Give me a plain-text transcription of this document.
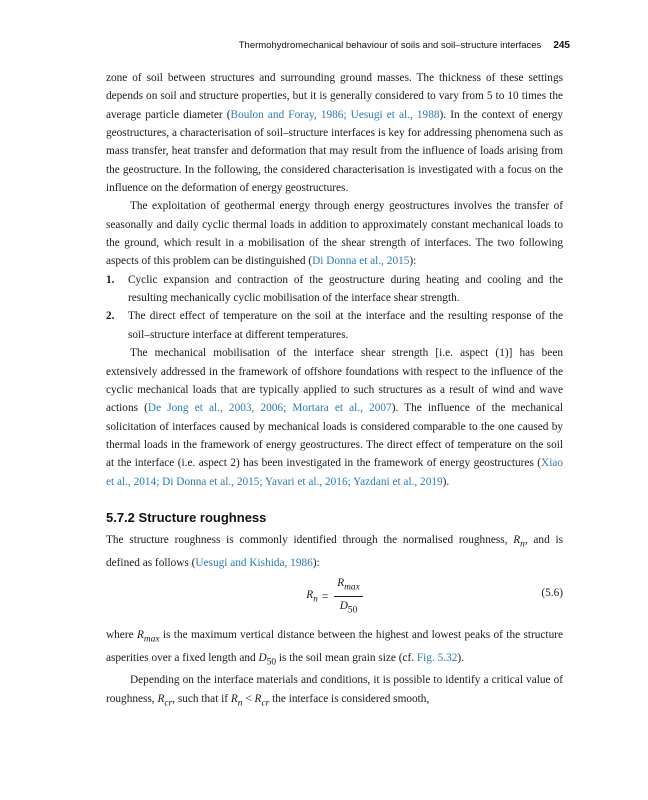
Thermohydromechanical behaviour of soils and soil–structure interfaces 245

zone of soil between structures and surrounding ground masses. The thickness of these settings depends on soil and structure properties, but it is generally considered to vary from 5 to 10 times the average particle diameter (Boulon and Foray, 1986; Uesugi et al., 1988). In the context of energy geostructures, a characterisation of soil–structure interfaces is key for addressing phenomena such as mass transfer, heat transfer and deformation that may result from the influence of loads arising from the geostructure. In the following, the considered characterisation is investigated with a focus on the influence on the deformation of energy geostructures.

The exploitation of geothermal energy through energy geostructures involves the transfer of seasonally and daily cyclic thermal loads in addition to approximately constant mechanical loads to the ground, which result in a mobilisation of the shear strength of interfaces. The two following aspects of this problem can be distinguished (Di Donna et al., 2015):

1. Cyclic expansion and contraction of the geostructure during heating and cooling and the resulting mechanically cyclic mobilisation of the interface shear strength.
2. The direct effect of temperature on the soil at the interface and the resulting response of the soil–structure interface at different temperatures.

The mechanical mobilisation of the interface shear strength [i.e. aspect (1)] has been extensively addressed in the framework of offshore foundations with respect to the influence of the cyclic mechanical loads that are typically applied to such structures as a result of wind and wave actions (De Jong et al., 2003, 2006; Mortara et al., 2007). The influence of the mechanical solicitation of interfaces caused by mechanical loads is considered comparable to the one caused by thermal loads in the framework of energy geostructures. The direct effect of temperature on the soil at the interface (i.e. aspect 2) has been investigated in the framework of energy geostructures (Xiao et al., 2014; Di Donna et al., 2015; Yavari et al., 2016; Yazdani et al., 2019).

5.7.2 Structure roughness

The structure roughness is commonly identified through the normalised roughness, $R_n$, and is defined as follows (Uesugi and Kishida, 1986):

$R_n = \frac{R_{max}}{D_{50}}$	(5.6)

where $R_{max}$ is the maximum vertical distance between the highest and lowest peaks of the structure asperities over a fixed length and $D_{50}$ is the soil mean grain size (cf. Fig. 5.32).

Depending on the interface materials and conditions, it is possible to identify a critical value of roughness, $R_{cr}$, such that if $R_n < R_{cr}$ the interface is considered smooth,
